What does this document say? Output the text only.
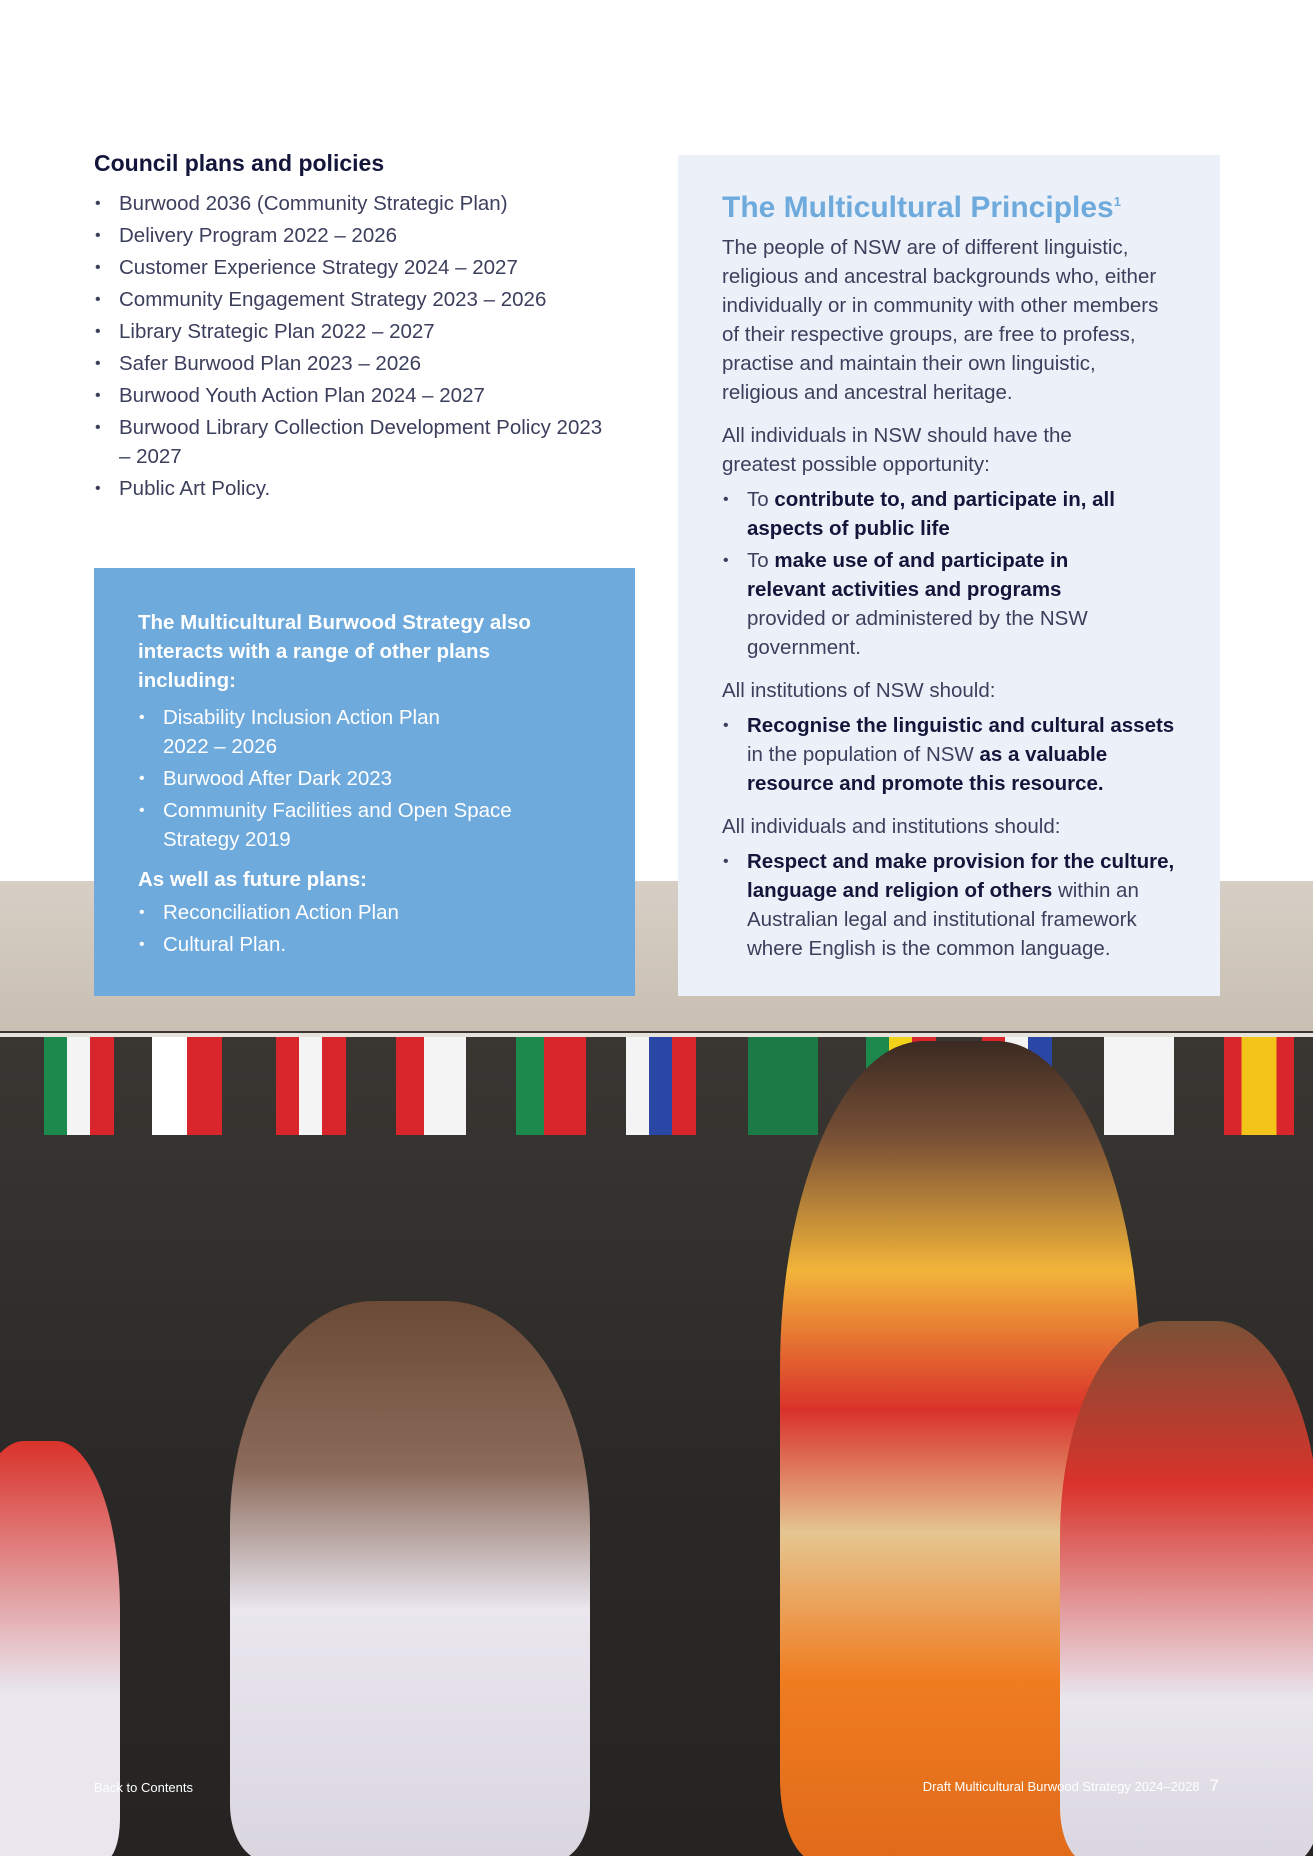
Council plans and policies
• Burwood 2036 (Community Strategic Plan)
• Delivery Program 2022 – 2026
• Customer Experience Strategy 2024 – 2027
• Community Engagement Strategy 2023 – 2026
• Library Strategic Plan 2022 – 2027
• Safer Burwood Plan 2023 – 2026
• Burwood Youth Action Plan 2024 – 2027
• Burwood Library Collection Development Policy 2023 – 2027
• Public Art Policy.

The Multicultural Burwood Strategy also interacts with a range of other plans including:

• Disability Inclusion Action Plan 2022 – 2026
• Burwood After Dark 2023
• Community Facilities and Open Space Strategy 2019

As well as future plans:

• Reconciliation Action Plan
• Cultural Plan.
The Multicultural Principles$^1$

The people of NSW are of different linguistic, religious and ancestral backgrounds who, either individually or in community with other members of their respective groups, are free to profess, practise and maintain their own linguistic, religious and ancestral heritage.

All individuals in NSW should have the greatest possible opportunity:

• To contribute to, and participate in, all aspects of public life
• To make use of and participate in relevant activities and programs provided or administered by the NSW government.

All institutions of NSW should:

• Recognise the linguistic and cultural assets in the population of NSW as a valuable resource and promote this resource.

All individuals and institutions should:

• Respect and make provision for the culture, language and religion of others within an Australian legal and institutional framework where English is the common language.
Back to Contents	Draft Multicultural Burwood Strategy 2024–2028 7
